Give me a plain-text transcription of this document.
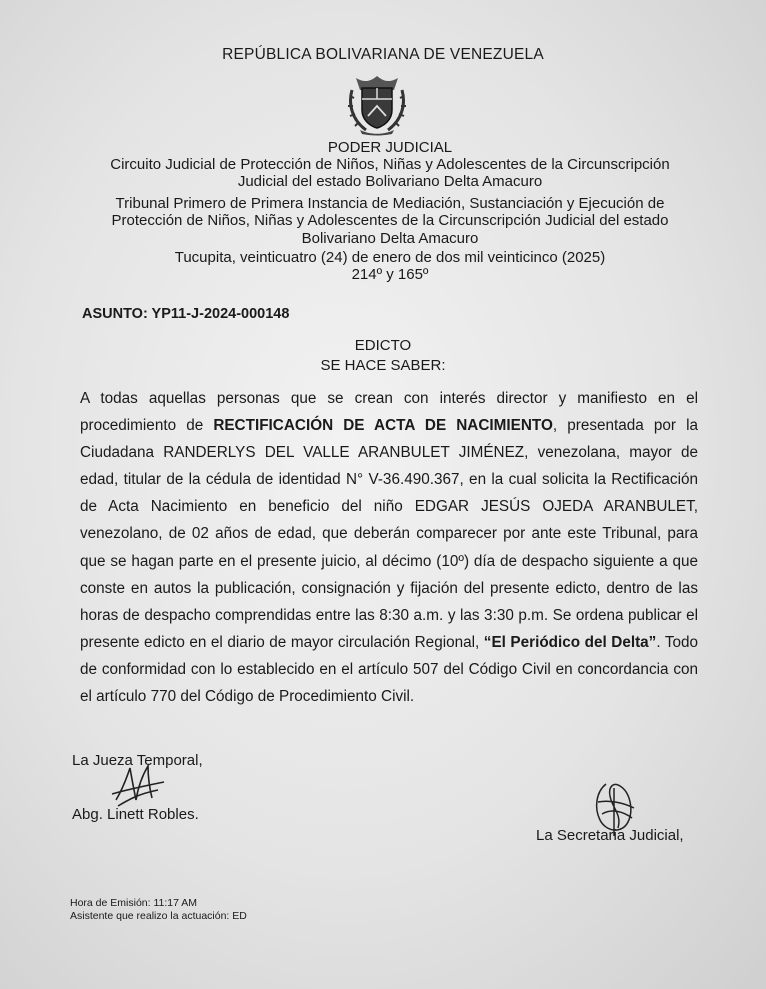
REPÚBLICA BOLIVARIANA DE VENEZUELA
PODER JUDICIAL
Circuito Judicial de Protección de Niños, Niñas y Adolescentes de la Circunscripción
Judicial del estado Bolivariano Delta Amacuro
Tribunal Primero de Primera Instancia de Mediación, Sustanciación y Ejecución de
Protección de Niños, Niñas y Adolescentes de la Circunscripción Judicial del estado
Bolivariano Delta Amacuro
Tucupita, veinticuatro (24) de enero de dos mil veinticinco (2025)
214º y 165º
ASUNTO: YP11-J-2024-000148
EDICTO
SE HACE SABER:
A todas aquellas personas que se crean con interés director y manifiesto en el procedimiento de RECTIFICACIÓN DE ACTA DE NACIMIENTO, presentada por la Ciudadana RANDERLYS DEL VALLE ARANBULET JIMÉNEZ, venezolana, mayor de edad, titular de la cédula de identidad N° V-36.490.367, en la cual solicita la Rectificación de Acta Nacimiento en beneficio del niño EDGAR JESÚS OJEDA ARANBULET, venezolano, de 02 años de edad, que deberán comparecer por ante este Tribunal, para que se hagan parte en el presente juicio, al décimo (10º) día de despacho siguiente a que conste en autos la publicación, consignación y fijación del presente edicto, dentro de las horas de despacho comprendidas entre las 8:30 a.m. y las 3:30 p.m. Se ordena publicar el presente edicto en el diario de mayor circulación Regional, “El Periódico del Delta”. Todo de conformidad con lo establecido en el artículo 507 del Código Civil en concordancia con el artículo 770 del Código de Procedimiento Civil.
La Jueza Temporal,
Abg. Linett Robles.
La Secretaria Judicial,
Hora de Emisión: 11:17 AM
Asistente que realizo la actuación: ED
